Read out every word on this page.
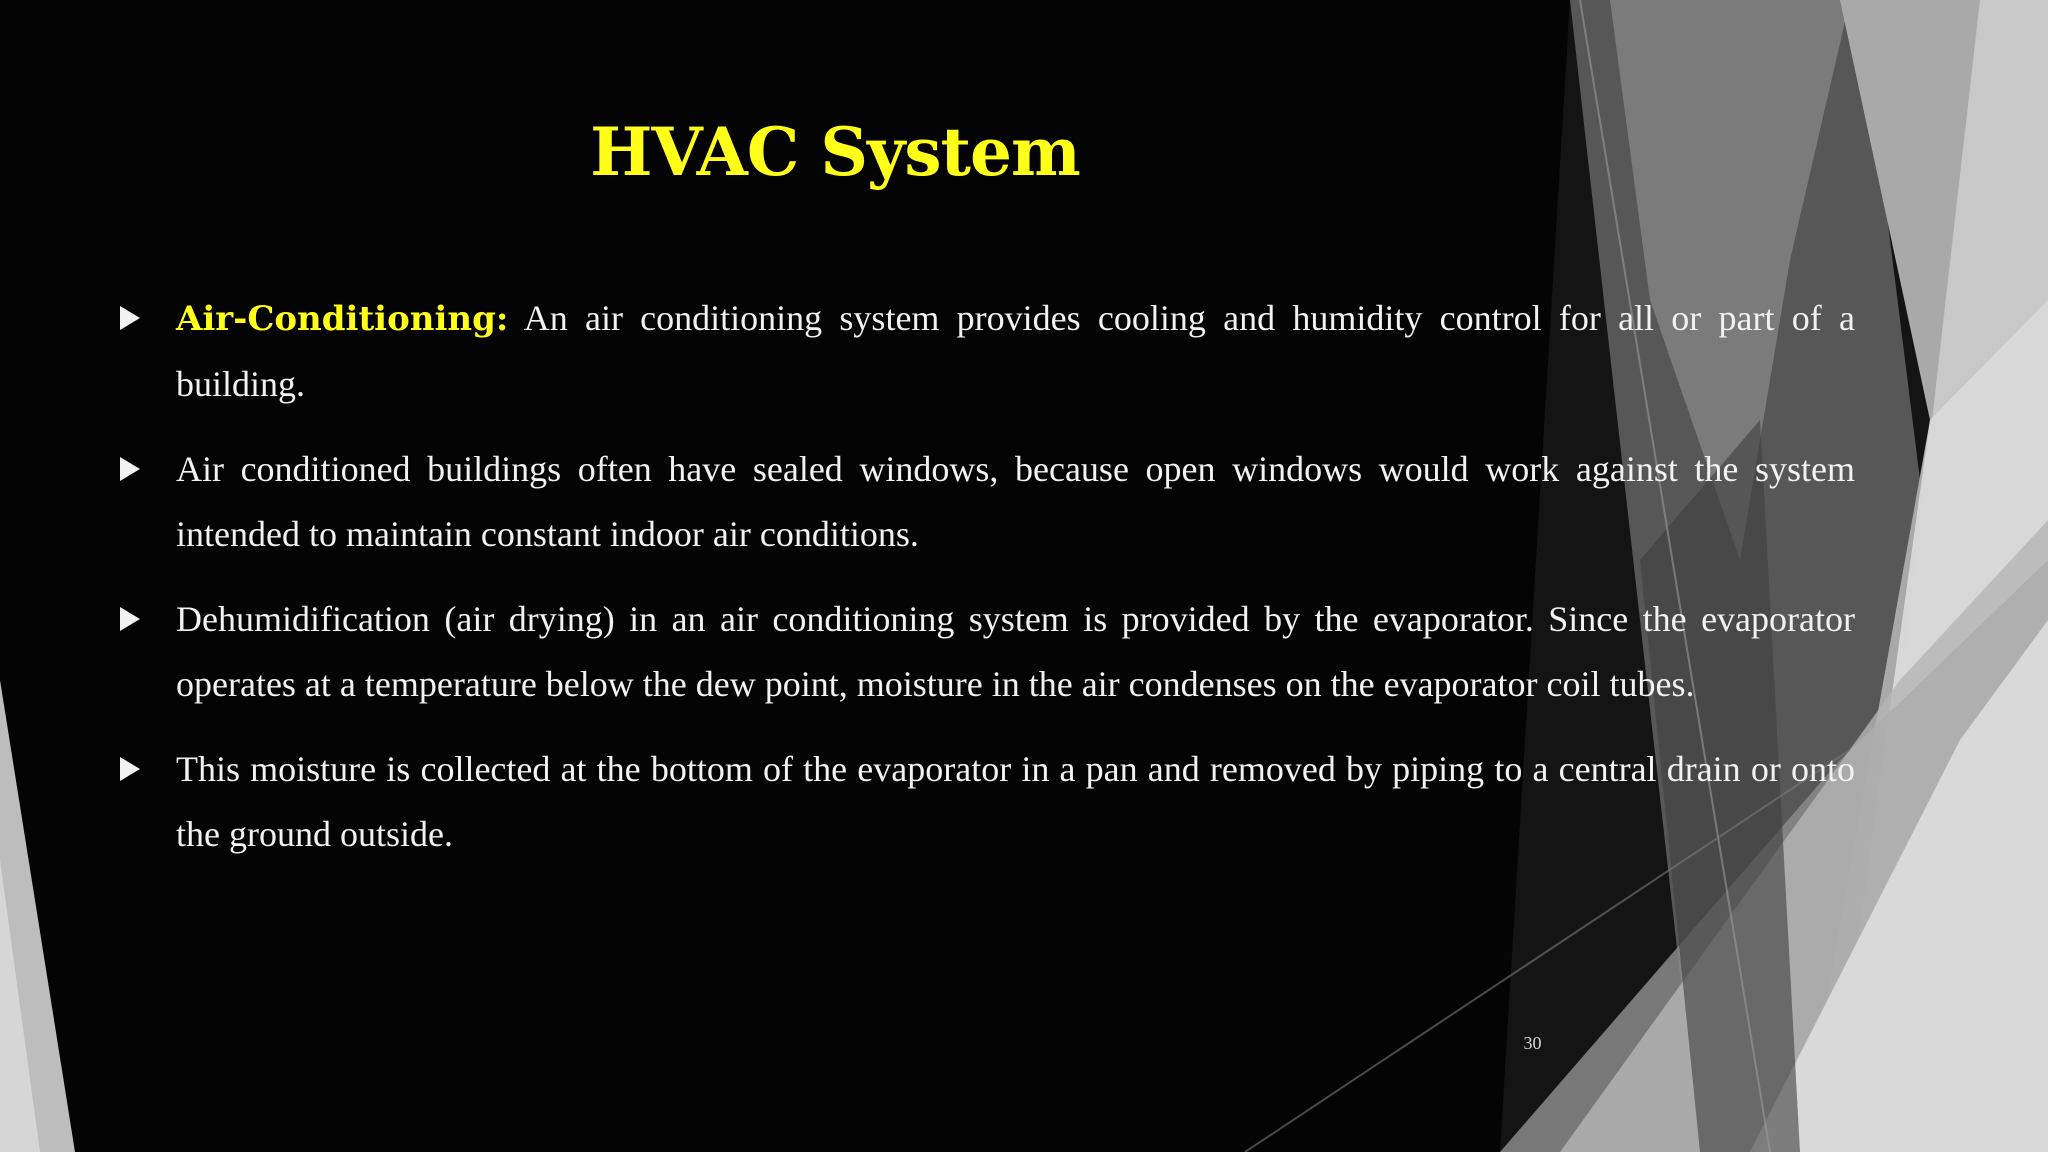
HVAC System
Air-Conditioning: An air conditioning system provides cooling and humidity control for all or part of a building.
Air conditioned buildings often have sealed windows, because open windows would work against the system intended to maintain constant indoor air conditions.
Dehumidification (air drying) in an air conditioning system is provided by the evaporator. Since the evaporator operates at a temperature below the dew point, moisture in the air condenses on the evaporator coil tubes.
This moisture is collected at the bottom of the evaporator in a pan and removed by piping to a central drain or onto the ground outside.
30
